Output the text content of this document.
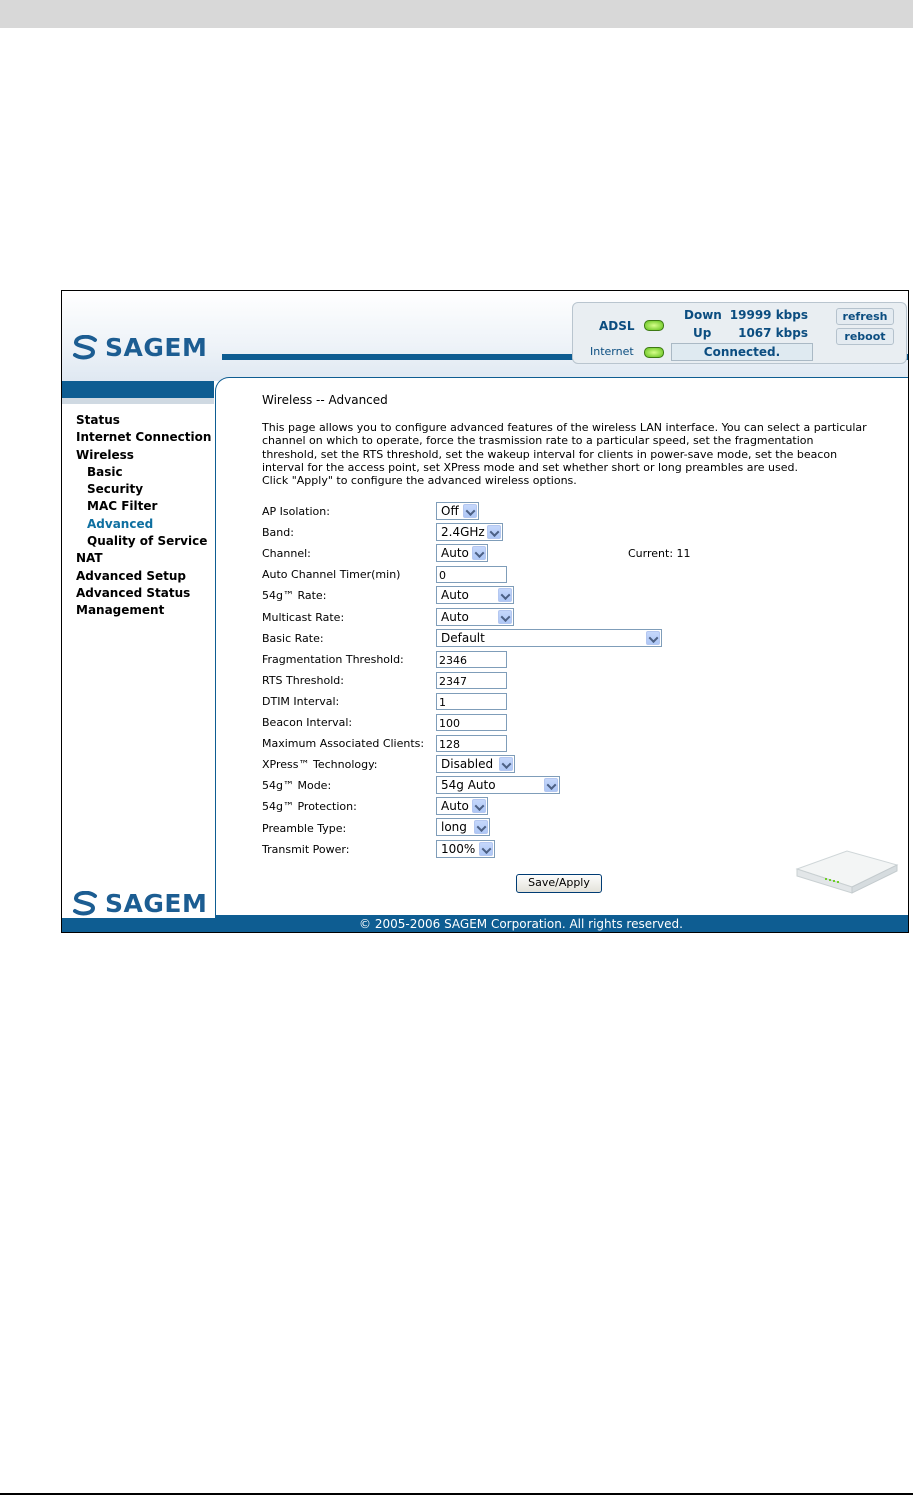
SAGEM
ADSL
Down 19999 kbps
Up 1067 kbps
Internet	Connected.
refresh
reboot
Status
Internet Connection
Wireless
Basic
Security
MAC Filter
Advanced
Quality of Service
NAT
Advanced Setup
Advanced Status
Management
SAGEM
Wireless -- Advanced
This page allows you to configure advanced features of the wireless LAN interface. You can select a particular
channel on which to operate, force the trasmission rate to a particular speed, set the fragmentation
threshold, set the RTS threshold, set the wakeup interval for clients in power-save mode, set the beacon
interval for the access point, set XPress mode and set whether short or long preambles are used.
Click "Apply" to configure the advanced wireless options.
AP Isolation:	Off
Band:	2.4GHz
Channel:	Auto	Current: 11
Auto Channel Timer(min)	0
54g™ Rate:	Auto
Multicast Rate:	Auto
Basic Rate:	Default
Fragmentation Threshold:	2346
RTS Threshold:	2347
DTIM Interval:	1
Beacon Interval:	100
Maximum Associated Clients: 128
XPress™ Technology:	Disabled
54g™ Mode:	54g Auto
54g™ Protection:	Auto
Preamble Type:	long
Transmit Power:	100%
Save/Apply
© 2005-2006 SAGEM Corporation. All rights reserved.
